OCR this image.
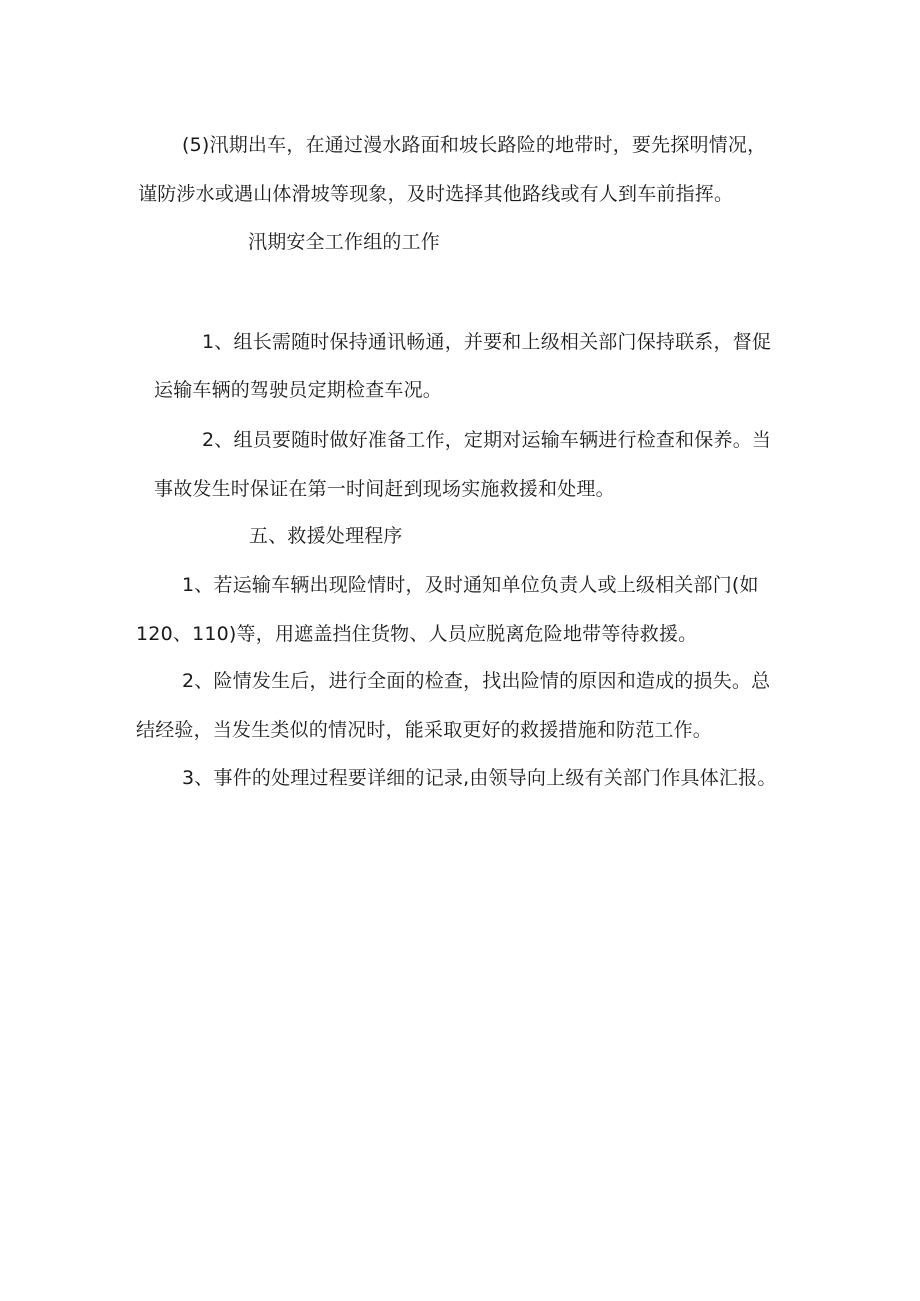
(5)汛期出车，在通过漫水路面和坡长路险的地带时，要先探明情况，
谨防涉水或遇山体滑坡等现象，及时选择其他路线或有人到车前指挥。
汛期安全工作组的工作
1、组长需随时保持通讯畅通，并要和上级相关部门保持联系，督促
运输车辆的驾驶员定期检查车况。
2、组员要随时做好准备工作，定期对运输车辆进行检查和保养。当
事故发生时保证在第一时间赶到现场实施救援和处理。
五、救援处理程序
1、若运输车辆出现险情时，及时通知单位负责人或上级相关部门(如
120、110)等，用遮盖挡住货物、人员应脱离危险地带等待救援。
2、险情发生后，进行全面的检查，找出险情的原因和造成的损失。总
结经验，当发生类似的情况时，能采取更好的救援措施和防范工作。
3、事件的处理过程要详细的记录,由领导向上级有关部门作具体汇报。
